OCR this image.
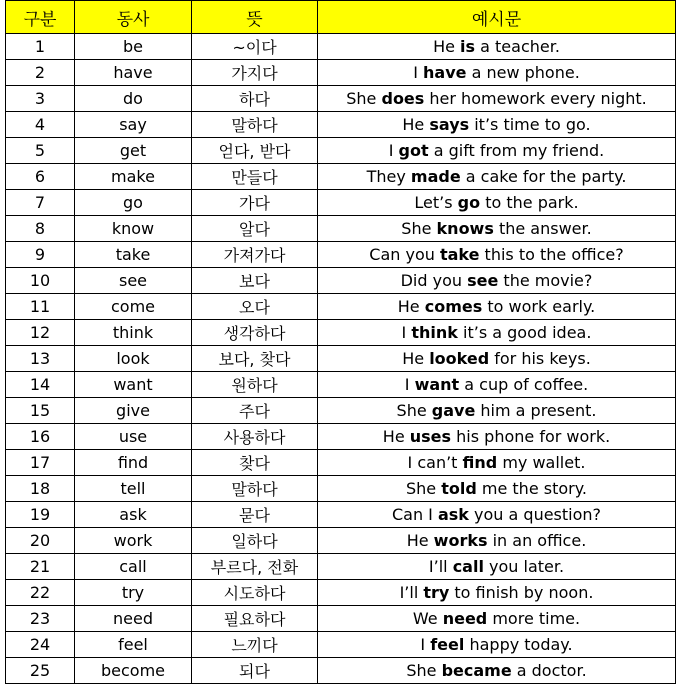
구분	동사	뜻	예시문
1	be	~이다	He is a teacher.
2	have	가지다	I have a new phone.
3	do	하다	She does her homework every night.
4	say	말하다	He says it’s time to go.
5	get	얻다, 받다	I got a gift from my friend.
6	make	만들다	They made a cake for the party.
7	go	가다	Let’s go to the park.
8	know	알다	She knows the answer.
9	take	가져가다	Can you take this to the office?
10	see	보다	Did you see the movie?
11	come	오다	He comes to work early.
12	think	생각하다	I think it’s a good idea.
13	look	보다, 찾다	He looked for his keys.
14	want	원하다	I want a cup of coffee.
15	give	주다	She gave him a present.
16	use	사용하다	He uses his phone for work.
17	find	찾다	I can’t find my wallet.
18	tell	말하다	She told me the story.
19	ask	묻다	Can I ask you a question?
20	work	일하다	He works in an office.
21	call	부르다, 전화	I’ll call you later.
22	try	시도하다	I’ll try to finish by noon.
23	need	필요하다	We need more time.
24	feel	느끼다	I feel happy today.
25	become	되다	She became a doctor.
